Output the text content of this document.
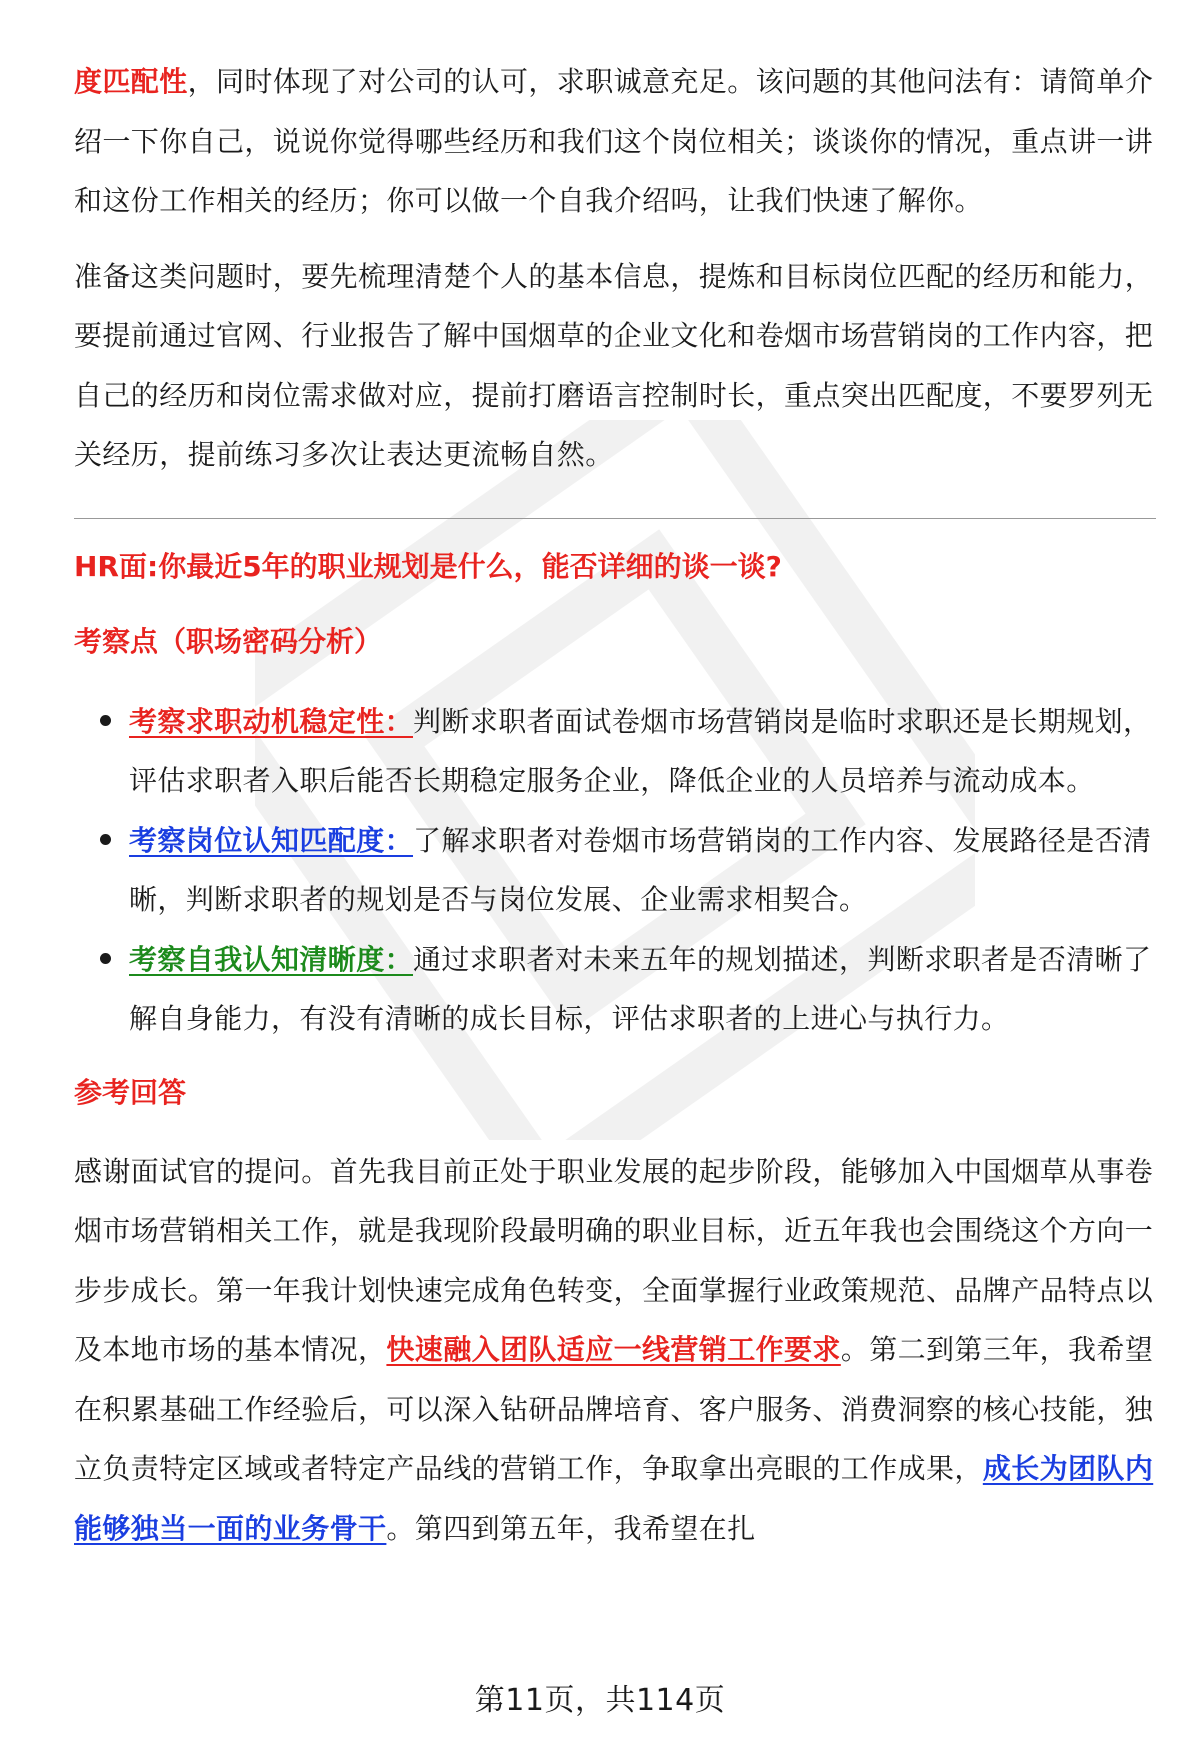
度匹配性，同时体现了对公司的认可，求职诚意充足。该问题的其他问法有：请简单介绍一下你自己，说说你觉得哪些经历和我们这个岗位相关；谈谈你的情况，重点讲一讲和这份工作相关的经历；你可以做一个自我介绍吗，让我们快速了解你。

准备这类问题时，要先梳理清楚个人的基本信息，提炼和目标岗位匹配的经历和能力，要提前通过官网、行业报告了解中国烟草的企业文化和卷烟市场营销岗的工作内容，把自己的经历和岗位需求做对应，提前打磨语言控制时长，重点突出匹配度，不要罗列无关经历，提前练习多次让表达更流畅自然。

HR面:你最近5年的职业规划是什么，能否详细的谈一谈?

考察点（职场密码分析）

考察求职动机稳定性：判断求职者面试卷烟市场营销岗是临时求职还是长期规划，评估求职者入职后能否长期稳定服务企业，降低企业的人员培养与流动成本。
考察岗位认知匹配度：了解求职者对卷烟市场营销岗的工作内容、发展路径是否清晰，判断求职者的规划是否与岗位发展、企业需求相契合。
考察自我认知清晰度：通过求职者对未来五年的规划描述，判断求职者是否清晰了解自身能力，有没有清晰的成长目标，评估求职者的上进心与执行力。

参考回答

感谢面试官的提问。首先我目前正处于职业发展的起步阶段，能够加入中国烟草从事卷烟市场营销相关工作，就是我现阶段最明确的职业目标，近五年我也会围绕这个方向一步步成长。第一年我计划快速完成角色转变，全面掌握行业政策规范、品牌产品特点以及本地市场的基本情况，快速融入团队适应一线营销工作要求。第二到第三年，我希望在积累基础工作经验后，可以深入钻研品牌培育、客户服务、消费洞察的核心技能，独立负责特定区域或者特定产品线的营销工作，争取拿出亮眼的工作成果，成长为团队内能够独当一面的业务骨干。第四到第五年，我希望在扎

第11页，共114页
